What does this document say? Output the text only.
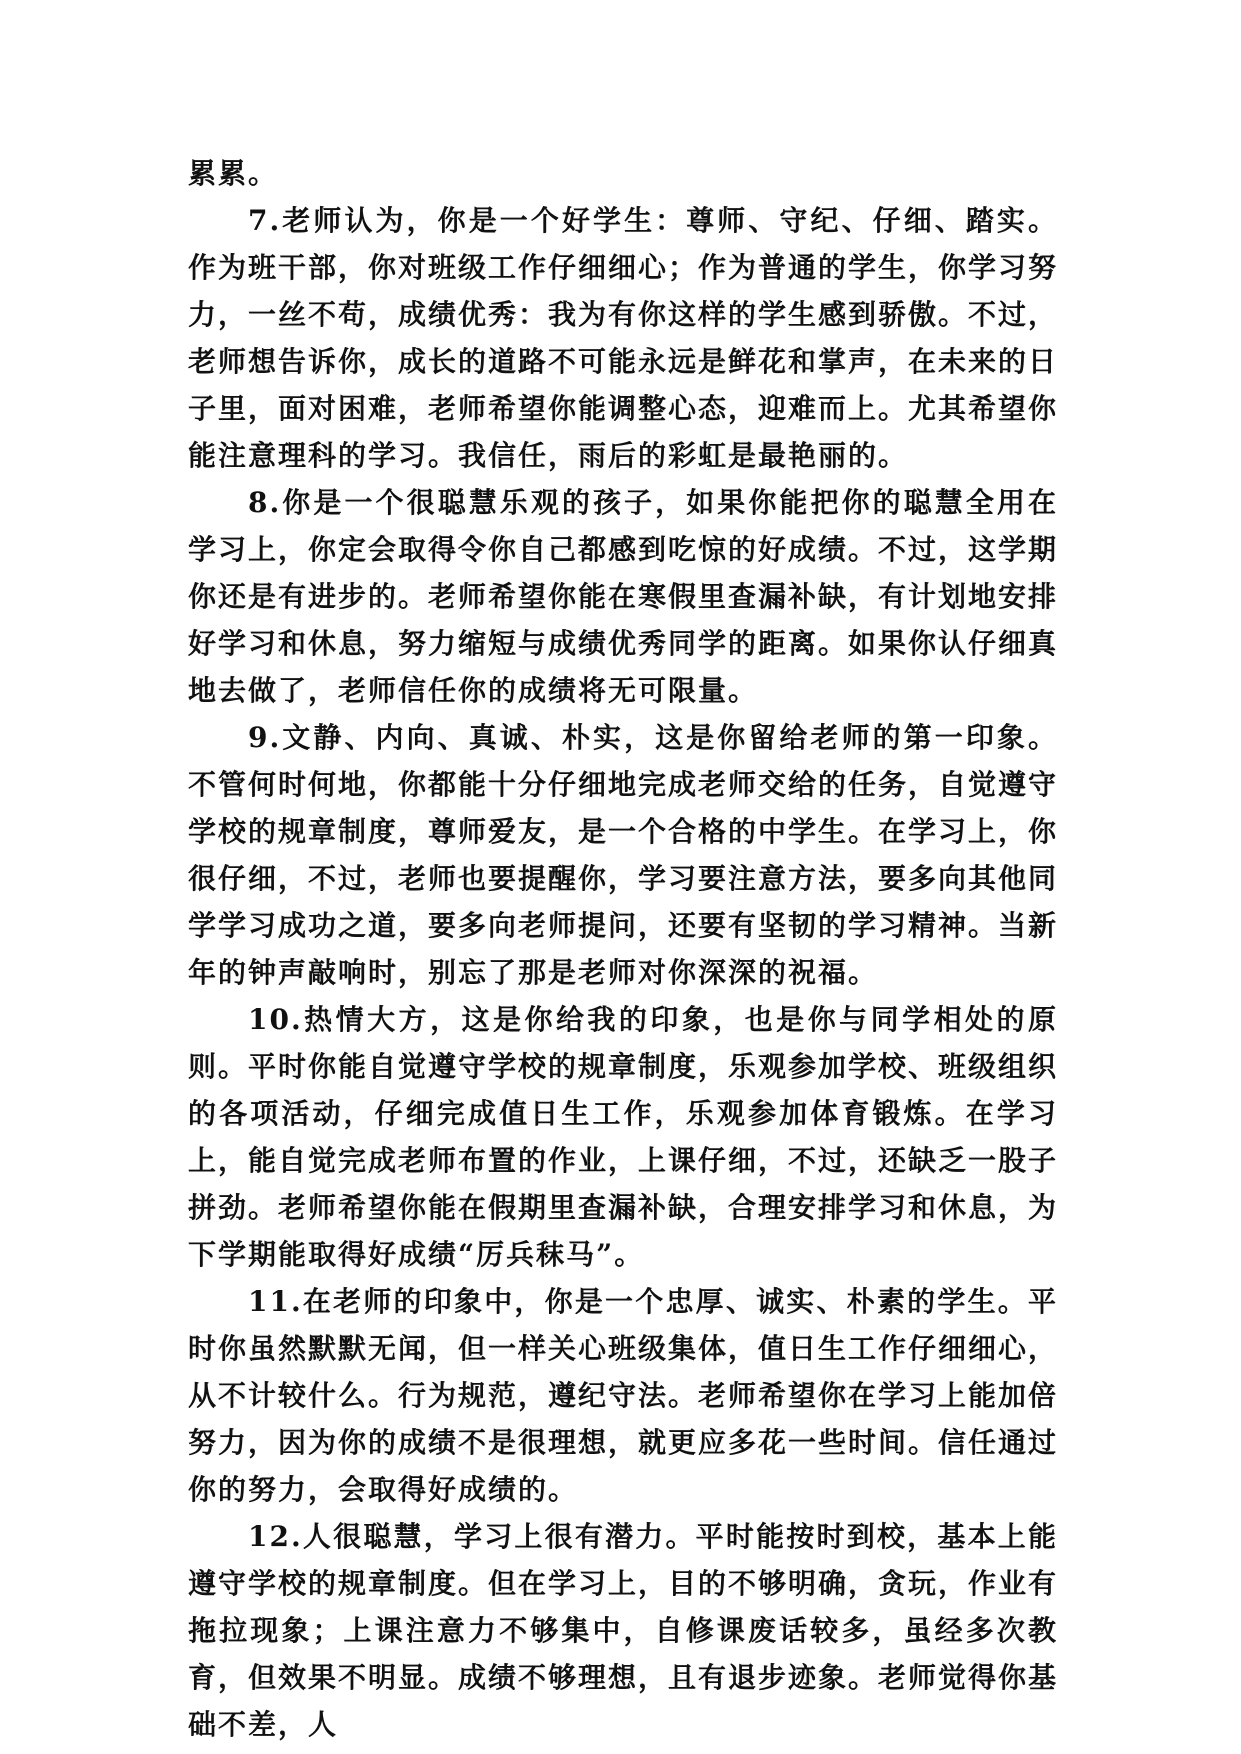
累累。

7.老师认为，你是一个好学生：尊师、守纪、仔细、踏实。作为班干部，你对班级工作仔细细心；作为普通的学生，你学习努力，一丝不苟，成绩优秀：我为有你这样的学生感到骄傲。不过，老师想告诉你，成长的道路不可能永远是鲜花和掌声，在未来的日子里，面对困难，老师希望你能调整心态，迎难而上。尤其希望你能注意理科的学习。我信任，雨后的彩虹是最艳丽的。

8.你是一个很聪慧乐观的孩子，如果你能把你的聪慧全用在学习上，你定会取得令你自己都感到吃惊的好成绩。不过，这学期你还是有进步的。老师希望你能在寒假里查漏补缺，有计划地安排好学习和休息，努力缩短与成绩优秀同学的距离。如果你认仔细真地去做了，老师信任你的成绩将无可限量。

9.文静、内向、真诚、朴实，这是你留给老师的第一印象。不管何时何地，你都能十分仔细地完成老师交给的任务，自觉遵守学校的规章制度，尊师爱友，是一个合格的中学生。在学习上，你很仔细，不过，老师也要提醒你，学习要注意方法，要多向其他同学学习成功之道，要多向老师提问，还要有坚韧的学习精神。当新年的钟声敲响时，别忘了那是老师对你深深的祝福。

10.热情大方，这是你给我的印象，也是你与同学相处的原则。平时你能自觉遵守学校的规章制度，乐观参加学校、班级组织的各项活动，仔细完成值日生工作，乐观参加体育锻炼。在学习上，能自觉完成老师布置的作业，上课仔细，不过，还缺乏一股子拼劲。老师希望你能在假期里查漏补缺，合理安排学习和休息，为下学期能取得好成绩“厉兵秣马”。

11.在老师的印象中，你是一个忠厚、诚实、朴素的学生。平时你虽然默默无闻，但一样关心班级集体，值日生工作仔细细心，从不计较什么。行为规范，遵纪守法。老师希望你在学习上能加倍努力，因为你的成绩不是很理想，就更应多花一些时间。信任通过你的努力，会取得好成绩的。

12.人很聪慧，学习上很有潜力。平时能按时到校，基本上能遵守学校的规章制度。但在学习上，目的不够明确，贪玩，作业有拖拉现象；上课注意力不够集中，自修课废话较多，虽经多次教育，但效果不明显。成绩不够理想，且有退步迹象。老师觉得你基础不差，人
